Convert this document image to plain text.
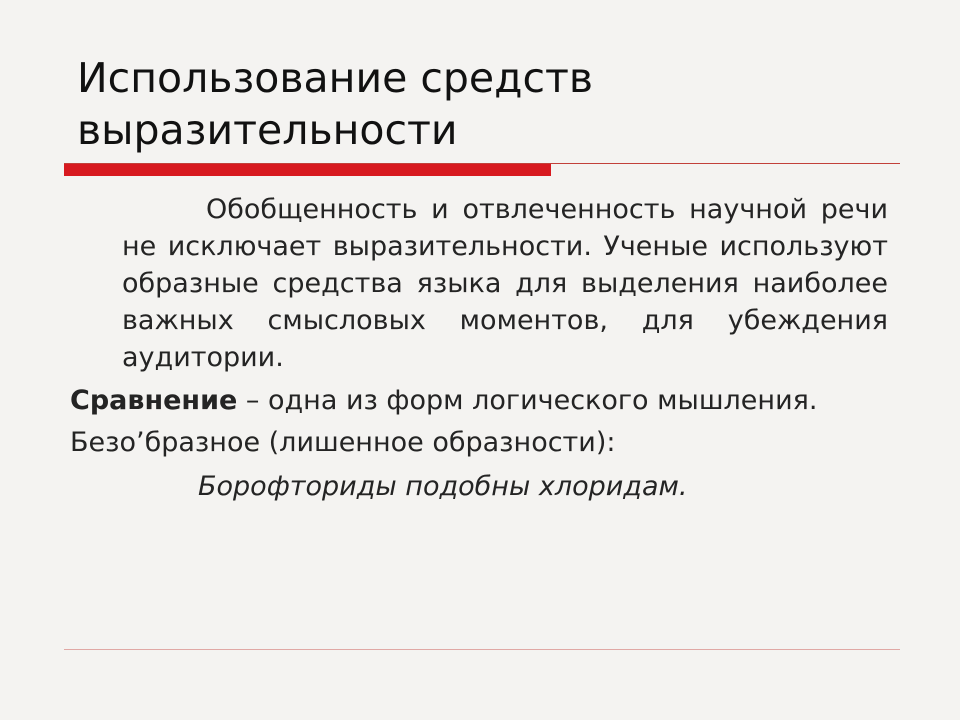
Использование средств
выразительности

Обобщенность и отвлеченность научной речи не исключает выразительности. Ученые используют образные средства языка для выделения наиболее важных смысловых моментов, для убеждения аудитории.

Сравнение – одна из форм логического мышления.

Безо’бразное (лишенное образности):

Борофториды подобны хлоридам.
